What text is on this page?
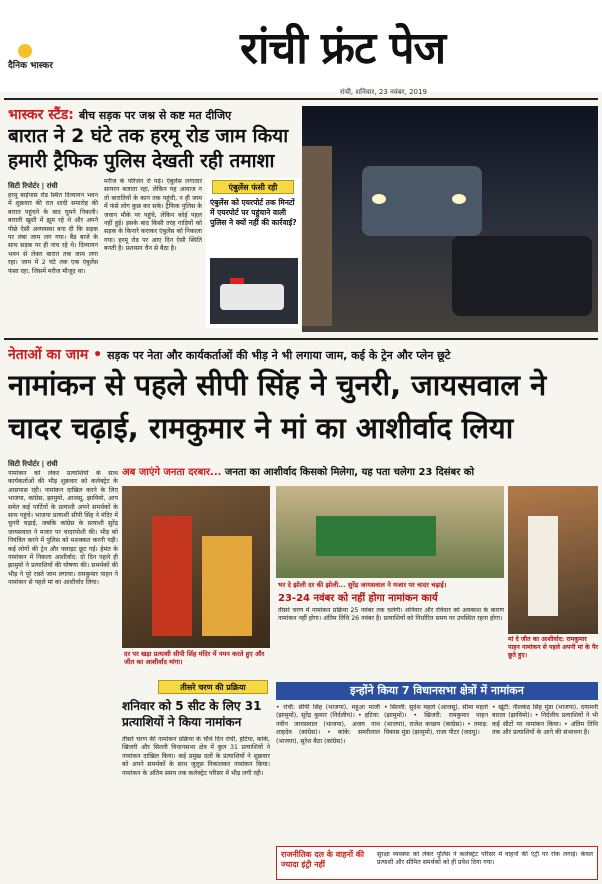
दैनिक भास्कर	रांची फ्रंट पेज
रांची, शनिवार, 23 नवंबर, 2019
भास्कर स्टैंड: बीच सड़क पर जश्न से कष्ट मत दीजिए
बारात ने 2 घंटे तक हरमू रोड जाम किया हमारी ट्रैफिक पुलिस देखती रही तमाशा
सिटी रिपोर्टर | रांची
हरमू बाईपास रोड स्थित दिव्यायन भवन में शुक्रवार की रात शादी समारोह की बारात पहुंचने के बाद घुमने निकली। बाराती खुशी में झूम रहे थे और अपने पीछे ऐसी अव्यवस्था बना दी कि सड़क पर लंबा जाम लग गया। बैंड बाजे के साथ सड़क पर ही नाच रहे थे। दिव्यायन भवन से लेकर बारात तक जाम लगा रहा। जाम में 2 घंटे तक एक एंबुलेंस फंसा रहा, जिसमें मरीज मौजूद था।
मरीज के परिजन रो पड़े। एंबुलेंस लगातार सायरन बजाता रहा, लेकिन यह आवाज न तो बारातियों के कान तक पहुंची, न ही जाम में फंसे लोग कुछ कर सके। ट्रैफिक पुलिस के जवान मौके पर पहुंचे, लेकिन कोई पहल नहीं हुई। इसके बाद किसी तरह गाड़ियों को सड़क के किनारे कराकर एंबुलेंस को निकाला गया। हरमू रोड पर आए दिन ऐसी स्थिति बनती है। प्रशासन चैन से बैठा है।
एंबुलेंस फंसी रही
एंबुलेंस को एयरपोर्ट तक मिनटों में एयरपोर्ट पर पहुंचाने वाली पुलिस ने क्यों नहीं की कार्रवाई?
नेताओं का जाम • सड़क पर नेता और कार्यकर्ताओं की भीड़ ने भी लगाया जाम, कई के ट्रेन और प्लेन छूटे
नामांकन से पहले सीपी सिंह ने चुनरी, जायसवाल ने चादर चढ़ाई, रामकुमार ने मां का आशीर्वाद लिया
सिटी रिपोर्टर | रांची
नामांकन को लेकर प्रत्याशियों के साथ कार्यकर्ताओं की भीड़ शुक्रवार को कलेक्ट्रेट के आसपास रही। नामांकन दाखिल करने के लिए भाजपा, कांग्रेस, झामुमो, आजसू, झाविमो, आप समेत कई पार्टियों के प्रत्याशी अपने समर्थकों के साथ पहुंचे। भाजपा प्रत्याशी सीपी सिंह ने मंदिर में चुनरी चढ़ाई, जबकि कांग्रेस के प्रत्याशी सुरेंद्र जायसवाल ने मजार पर चादरपोशी की। भीड़ को नियंत्रित करने में पुलिस को मशक्कत करनी पड़ी। कई लोगों की ट्रेन और फ्लाइट छूट गई। हेमंत के नामांकन में निकला आशीर्वाद: दो दिन पहले ही झामुमो ने प्रत्याशियों की घोषणा की। समर्थकों की भीड़ ने पूरे रास्ते जाम लगाया। रामकुमार पाहन ने नामांकन से पहले मां का आशीर्वाद लिया।
अब जाएंगे जनता दरबार... जनता का आशीर्वाद किसको मिलेगा, यह पता चलेगा 23 दिसंबर को
दर पर खड़ा प्रत्याशी सीपी सिंह मंदिर में नमन करते हुए और जीत का आशीर्वाद मांगा।
भर दे झोली दर की झोली... सुरेंद्र जायसवाल ने मजार पर चादर चढ़ाई।
23-24 नवंबर को नहीं होगा नामांकन कार्य
तीसरे चरण में नामांकन प्रक्रिया 25 नवंबर तक चलेगी। शनिवार और रविवार को अवकाश के कारण नामांकन नहीं होगा। अंतिम तिथि 26 नवंबर है। प्रत्याशियों को निर्धारित समय पर उपस्थित रहना होगा।
मां दे जीत का आशीर्वाद: रामकुमार पाहन नामांकन से पहले अपनी मां के पैर छूते हुए।
तीसरे चरण की प्रक्रिया
शनिवार को 5 सीट के लिए 31 प्रत्याशियों ने किया नामांकन
तीसरे चरण की नामांकन प्रक्रिया के चौथे दिन रांची, हटिया, कांके, खिजरी और सिल्ली विधानसभा क्षेत्र में कुल 31 प्रत्याशियों ने नामांकन दाखिल किया। कई प्रमुख दलों के प्रत्याशियों ने शुक्रवार को अपने समर्थकों के साथ जुलूस निकालकर नामांकन किया। नामांकन के अंतिम समय तक कलेक्ट्रेट परिसर में भीड़ लगी रही।
इन्होंने किया 7 विधानसभा क्षेत्रों में नामांकन
• रांची: सीपी सिंह (भाजपा), महुआ माजी (झामुमो), सुरेंद्र कुमार (निर्दलीय)। • हटिया: नवीन जायसवाल (भाजपा), अजय नाथ शाहदेव (कांग्रेस)। • कांके: समरीलाल (भाजपा), सुरेश बैठा (कांग्रेस)।
• सिल्ली: सुदेश महतो (आजसू), सीमा महतो (झामुमो)। • खिजरी: रामकुमार पाहन (भाजपा), राजेश कच्छप (कांग्रेस)। • तमाड़: विकास मुंडा (झामुमो), राजा पीटर (जदयू)।
• खूंटी: नीलकंठ सिंह मुंडा (भाजपा), दयामनी बारला (झाविमो)। • निर्दलीय प्रत्याशियों ने भी कई सीटों पर नामांकन किया। • अंतिम तिथि तक और प्रत्याशियों के आने की संभावना है।
राजनीतिक दल के वाहनों की ज्यादा इंट्री नहीं
सुरक्षा व्यवस्था को लेकर पुलिस ने कलेक्ट्रेट परिसर में वाहनों की एंट्री पर रोक लगाई। केवल प्रत्याशी और सीमित समर्थकों को ही प्रवेश दिया गया।
